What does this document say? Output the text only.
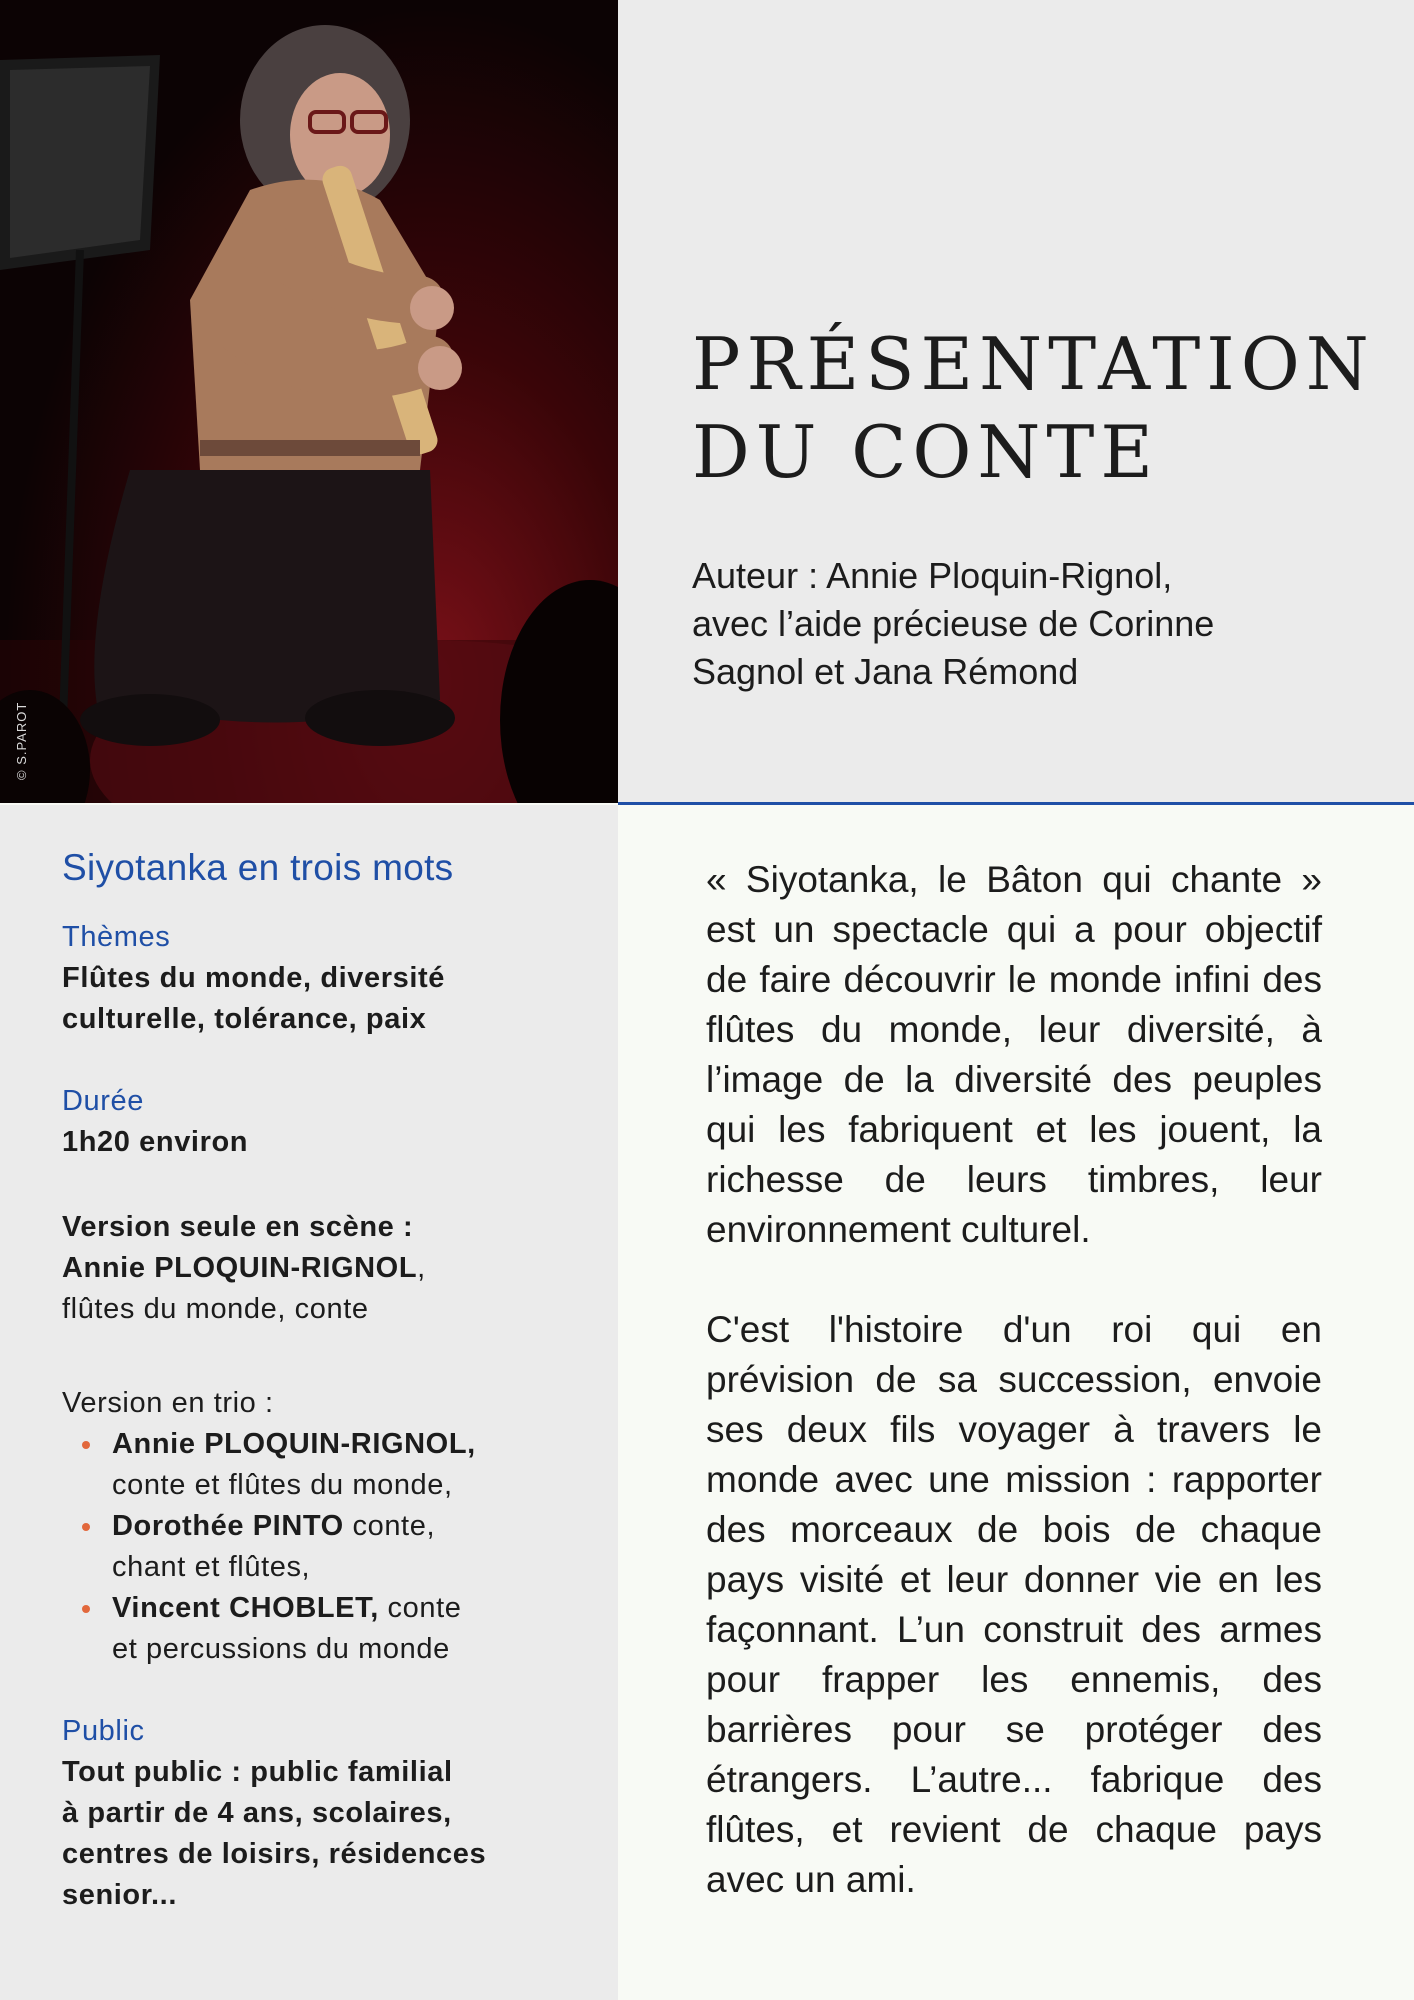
© S.PAROT
PRÉSENTATION
DU CONTE
Auteur : Annie Ploquin-Rignol,
avec l’aide précieuse de Corinne
Sagnol et Jana Rémond
Siyotanka en trois mots
Thèmes
Flûtes du monde, diversité
culturelle, tolérance, paix
Durée
1h20 environ
Version seule en scène :
Annie PLOQUIN-RIGNOL,
flûtes du monde, conte
Version en trio :
Annie PLOQUIN-RIGNOL,
conte et flûtes du monde,
Dorothée PINTO conte,
chant et flûtes,
Vincent CHOBLET, conte
et percussions du monde
Public
Tout public : public familial
à partir de 4 ans, scolaires,
centres de loisirs, résidences
senior...

« Siyotanka, le Bâton qui chante » est un spectacle qui a pour objectif de faire découvrir le monde infini des flûtes du monde, leur diversité, à l’image de la diversité des peuples qui les fabriquent et les jouent, la richesse de leurs timbres, leur environnement culturel.

C'est l'histoire d'un roi qui en prévision de sa succession, envoie ses deux fils voyager à travers le monde avec une mission : rapporter des morceaux de bois de chaque pays visité et leur donner vie en les façonnant. L’un construit des armes pour frapper les ennemis, des barrières pour se protéger des étrangers. L’autre... fabrique des flûtes, et revient de chaque pays avec un ami.
